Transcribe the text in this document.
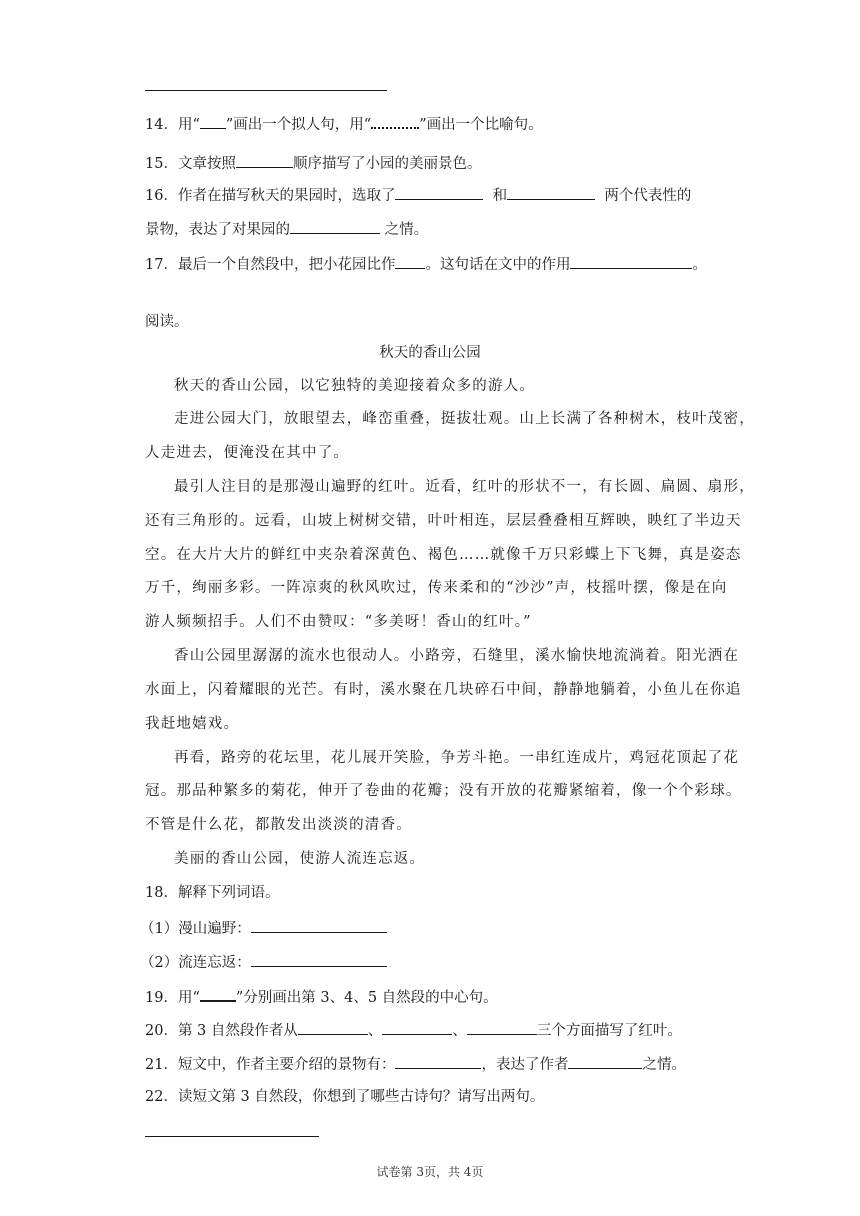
14．用“ ”画出一个拟人句，用“	”画出一个比喻句。
15．文章按照	顺序描写了小园的美丽景色。
16．作者在描写秋天的果园时，选取了	和	两个代表性的
景物，表达了对果园的	之情。
17．最后一个自然段中，把小花园比作 。这句话在文中的作用	。
阅读。
秋天的香山公园
秋天的香山公园，以它独特的美迎接着众多的游人。
走进公园大门，放眼望去，峰峦重叠，挺拔壮观。山上长满了各种树木，枝叶茂密，
人走进去，便淹没在其中了。
最引人注目的是那漫山遍野的红叶。近看，红叶的形状不一，有长圆、扁圆、扇形，
还有三角形的。远看，山坡上树树交错，叶叶相连，层层叠叠相互辉映，映红了半边天
空。在大片大片的鲜红中夹杂着深黄色、褐色……就像千万只彩蝶上下飞舞，真是姿态
万千，绚丽多彩。一阵凉爽的秋风吹过，传来柔和的“沙沙”声，枝摇叶摆，像是在向
游人频频招手。人们不由赞叹：“多美呀！香山的红叶。”
香山公园里潺潺的流水也很动人。小路旁，石缝里，溪水愉快地流淌着。阳光洒在
水面上，闪着耀眼的光芒。有时，溪水聚在几块碎石中间，静静地躺着，小鱼儿在你追
我赶地嬉戏。
再看，路旁的花坛里，花儿展开笑脸，争芳斗艳。一串红连成片，鸡冠花顶起了花
冠。那品种繁多的菊花，伸开了卷曲的花瓣；没有开放的花瓣紧缩着，像一个个彩球。
不管是什么花，都散发出淡淡的清香。
美丽的香山公园，使游人流连忘返。
18．解释下列词语。
（1）漫山遍野：
（2）流连忘返：
19．用“ ”分别画出第 3、4、5 自然段的中心句。
20．第 3 自然段作者从	、	、	三个方面描写了红叶。
21．短文中，作者主要介绍的景物有：	，表达了作者	之情。
22．读短文第 3 自然段，你想到了哪些古诗句？请写出两句。
试卷第 3页，共 4页
